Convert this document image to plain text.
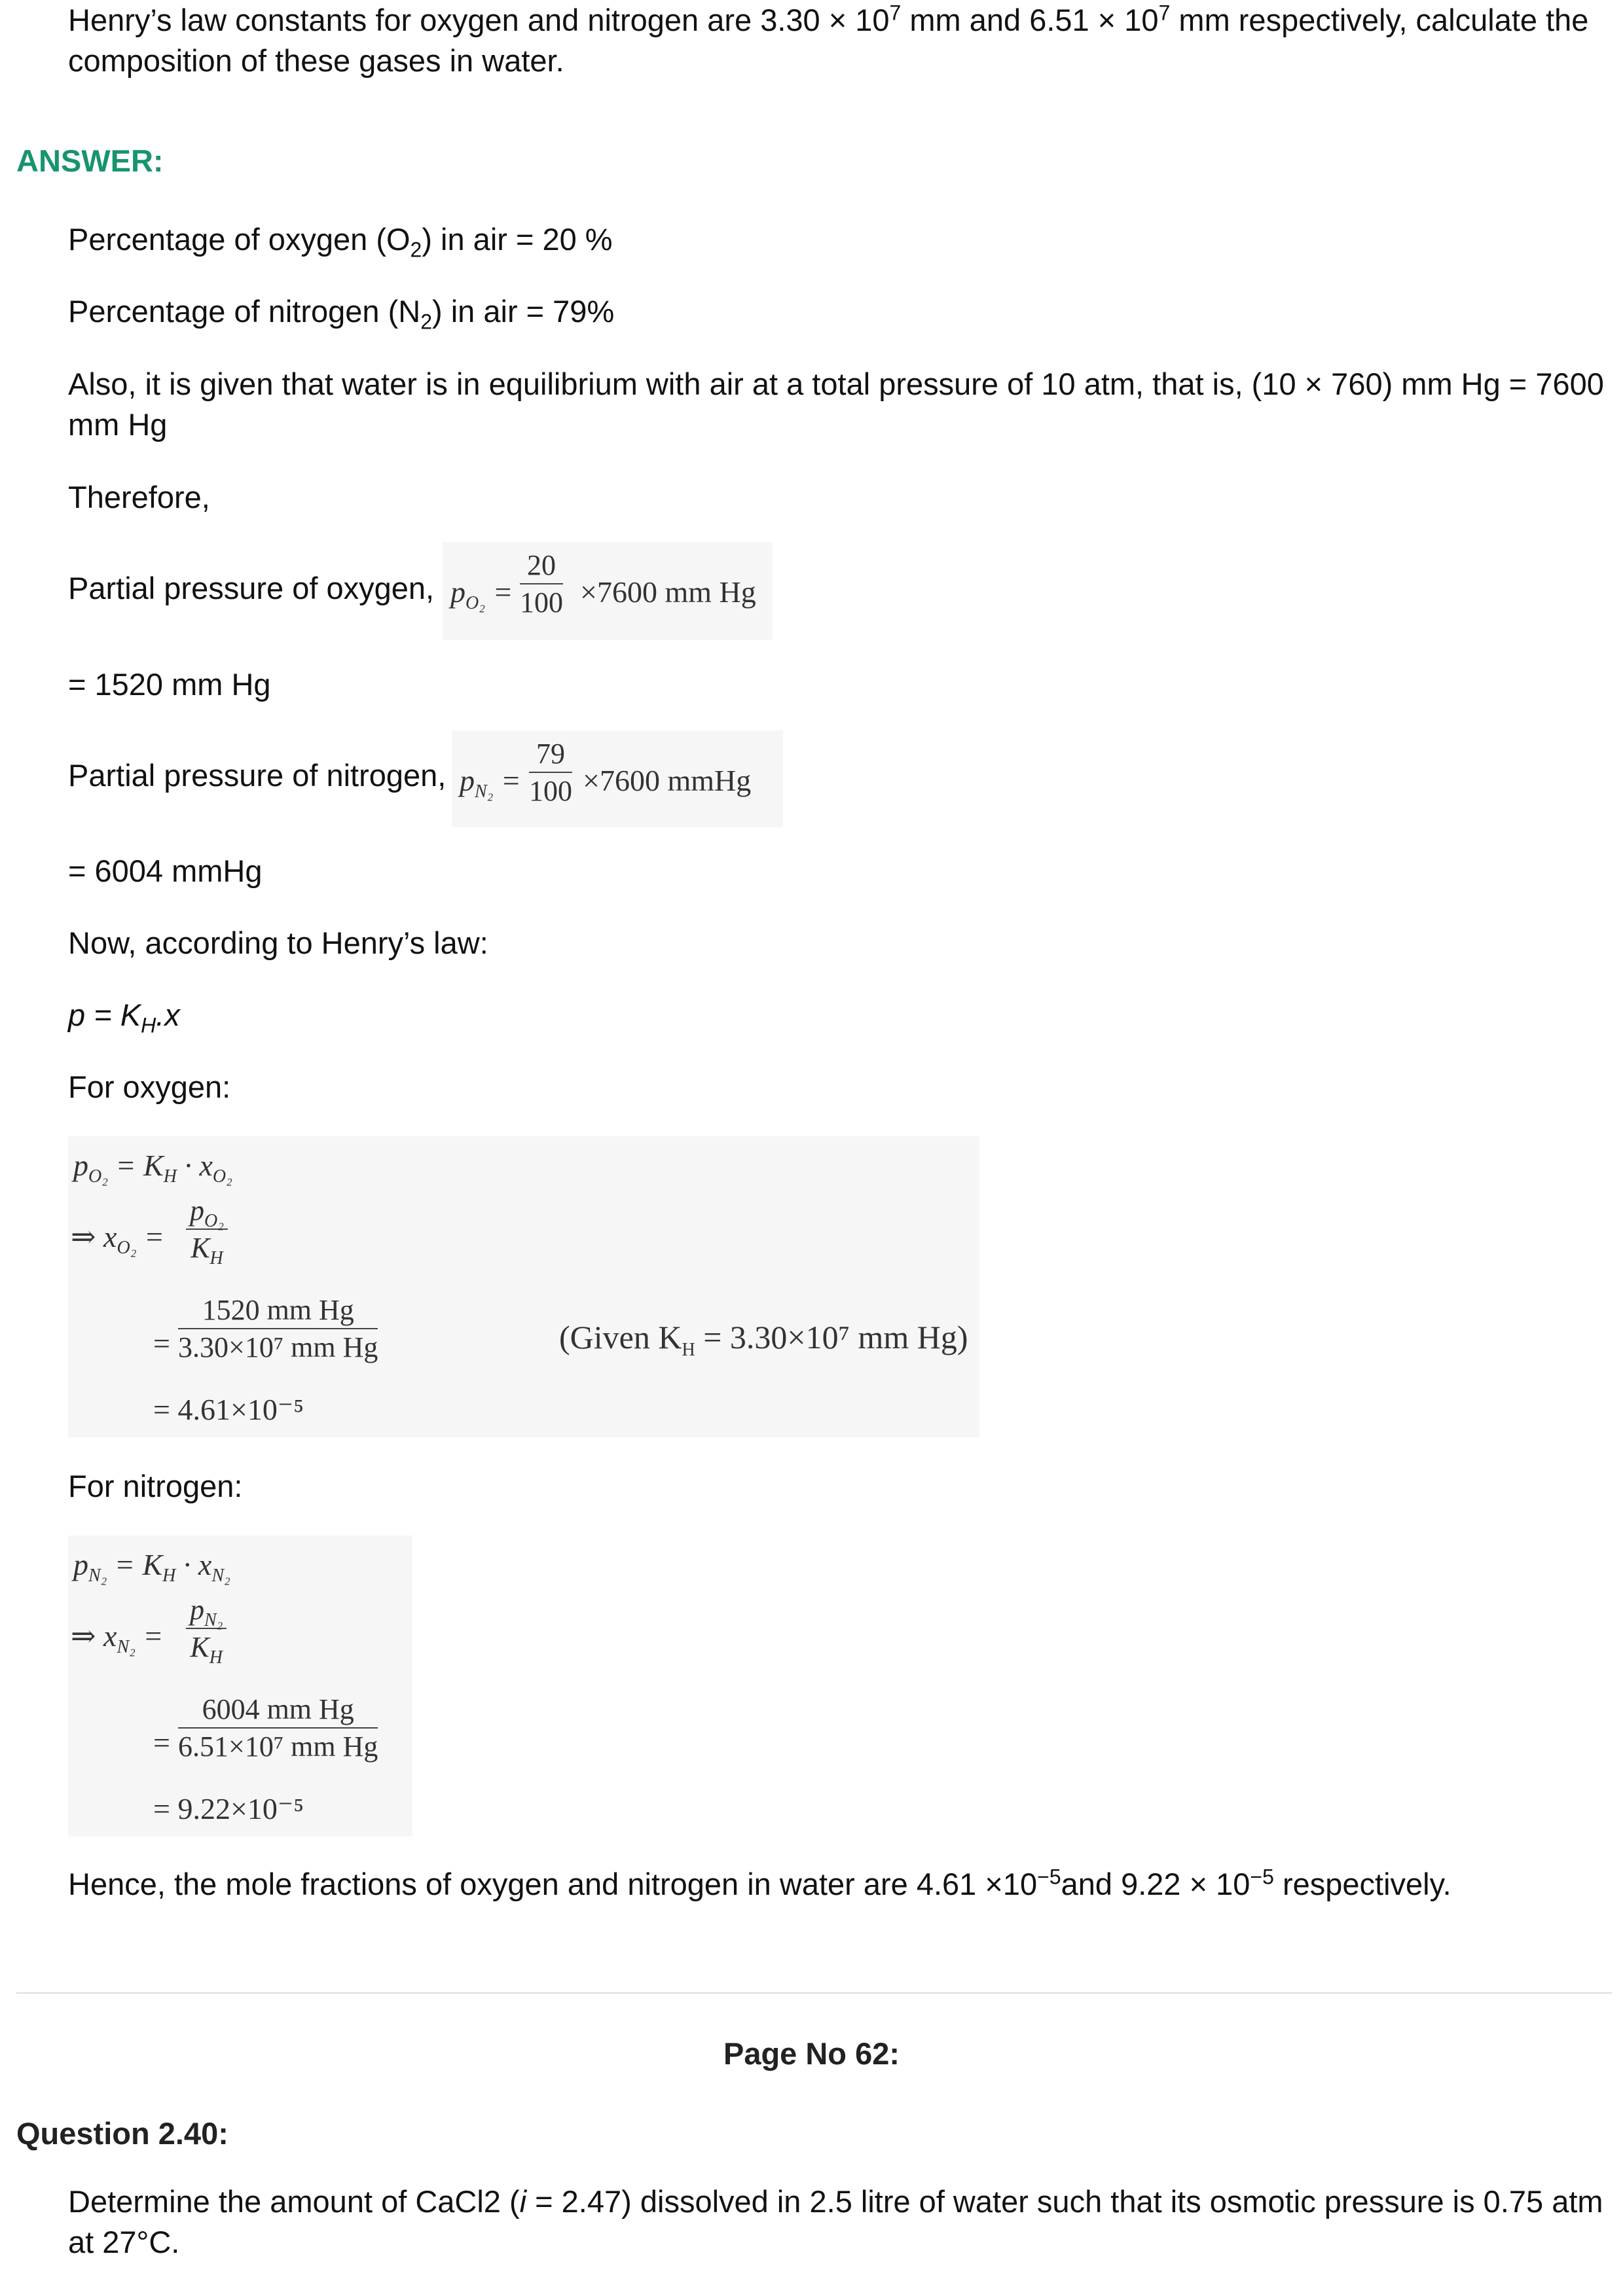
Henry’s law constants for oxygen and nitrogen are $3.30 \times 10^7$ mm and $6.51 \times 10^7$ mm respectively, calculate the
composition of these gases in water.
ANSWER:
Percentage of oxygen $(O_2)$ in air = 20 %
Percentage of nitrogen $(N_2)$ in air = 79%
Also, it is given that water is in equilibrium with air at a total pressure of 10 atm, that is, (10 × 760) mm Hg = 7600
mm Hg
Therefore,
Partial pressure of oxygen, $p_{O_2} = \frac{20}{100} \times 7600$ mm Hg
= 1520 mm Hg
Partial pressure of nitrogen, $p_{N_2} = \frac{79}{100} \times 7600$ mmHg
= 6004 mmHg
Now, according to Henry’s law:
$p = K_H.x$
For oxygen:
$p_{O_2} = K_H \cdot x_{O_2}$
⇒ $x_{O_2} = \frac{p_{O_2}}{K_H}$
= $\frac{\text{1520 mm Hg}}{\text{3.30×10⁷ mm Hg}}$
= 4.61×10⁻⁵
(Given $K_H = 3.30\times 10^7$ mm Hg)
For nitrogen:
$p_{N_2} = K_H \cdot x_{N_2}$
⇒ $x_{N_2} = \frac{p_{N_2}}{K_H}$
= $\frac{\text{6004 mm Hg}}{\text{6.51×10⁷ mm Hg}}$
= 9.22×10⁻⁵
Hence, the mole fractions of oxygen and nitrogen in water are $4.61 \times 10^{-5}and$ $9.22 \times 10^{-5}$ respectively.
Page No 62:
Question 2.40:
Determine the amount of CaCl2 (i = 2.47) dissolved in 2.5 litre of water such that its osmotic pressure is 0.75 atm
at 27°C.
